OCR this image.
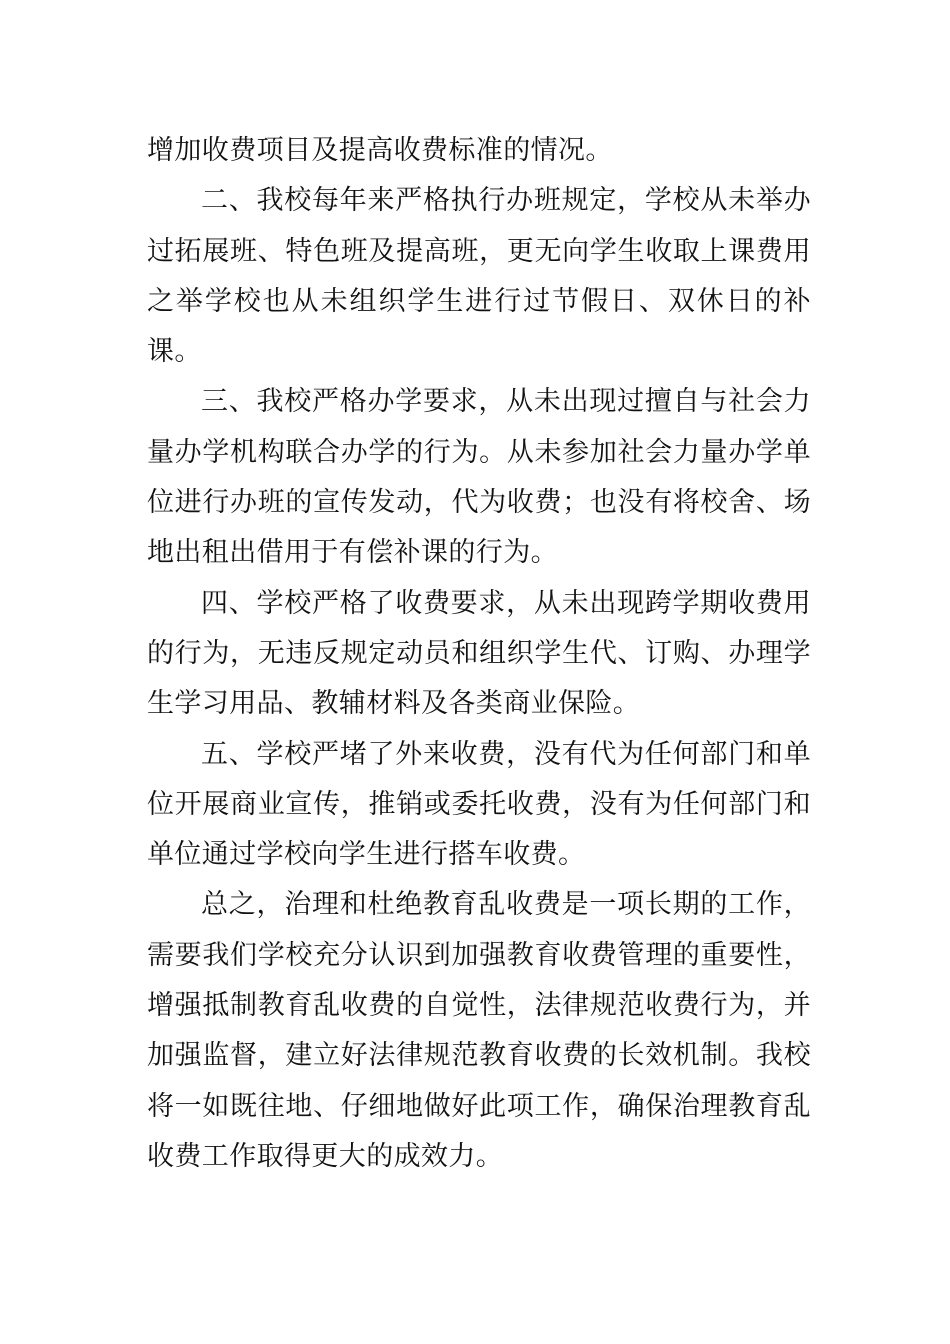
增加收费项目及提高收费标准的情况。

二、我校每年来严格执行办班规定，学校从未举办过拓展班、特色班及提高班，更无向学生收取上课费用之举学校也从未组织学生进行过节假日、双休日的补课。

三、我校严格办学要求，从未出现过擅自与社会力量办学机构联合办学的行为。从未参加社会力量办学单位进行办班的宣传发动，代为收费；也没有将校舍、场地出租出借用于有偿补课的行为。

四、学校严格了收费要求，从未出现跨学期收费用的行为，无违反规定动员和组织学生代、订购、办理学生学习用品、教辅材料及各类商业保险。

五、学校严堵了外来收费，没有代为任何部门和单位开展商业宣传，推销或委托收费，没有为任何部门和单位通过学校向学生进行搭车收费。

总之，治理和杜绝教育乱收费是一项长期的工作，需要我们学校充分认识到加强教育收费管理的重要性，增强抵制教育乱收费的自觉性，法律规范收费行为，并加强监督，建立好法律规范教育收费的长效机制。我校将一如既往地、仔细地做好此项工作，确保治理教育乱收费工作取得更大的成效力。
